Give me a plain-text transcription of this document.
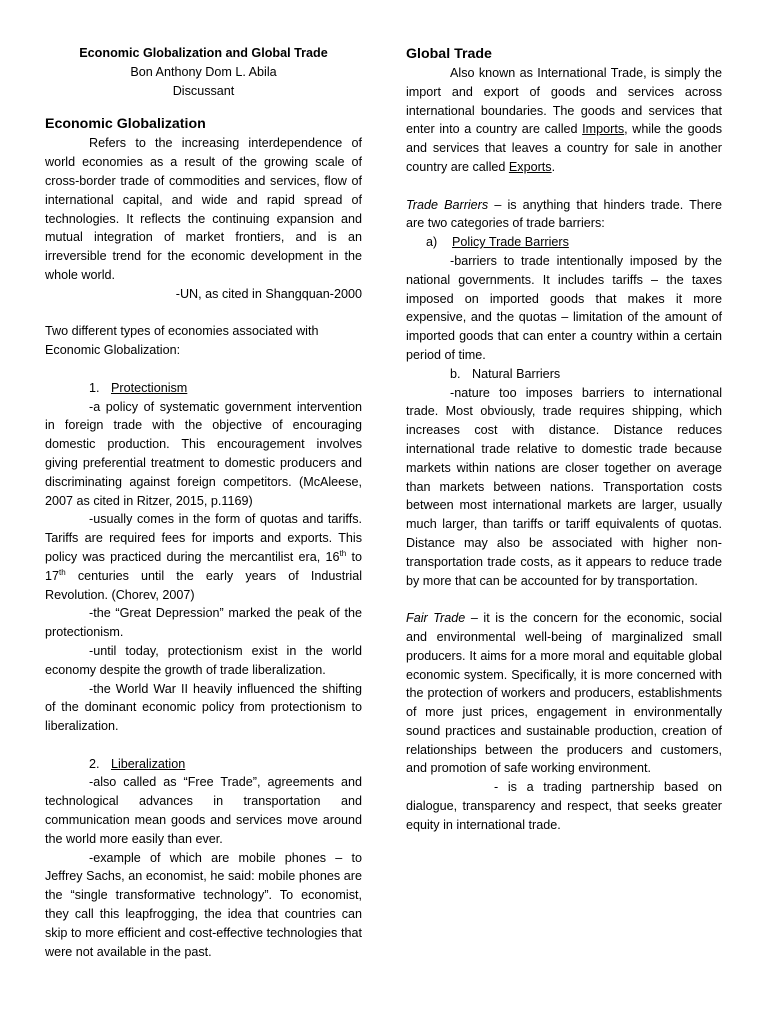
Economic Globalization and Global Trade

Bon Anthony Dom L. Abila

Discussant

Economic Globalization

Refers to the increasing interdependence of world economies as a result of the growing scale of cross-border trade of commodities and services, flow of international capital, and wide and rapid spread of technologies. It reflects the continuing expansion and mutual integration of market frontiers, and is an irreversible trend for the economic development in the whole world.

-UN, as cited in Shangquan-2000

Two different types of economies associated with Economic Globalization:

1. Protectionism

-a policy of systematic government intervention in foreign trade with the objective of encouraging domestic production. This encouragement involves giving preferential treatment to domestic producers and discriminating against foreign competitors. (McAleese, 2007 as cited in Ritzer, 2015, p.1169)

-usually comes in the form of quotas and tariffs. Tariffs are required fees for imports and exports. This policy was practiced during the mercantilist era, 16th to 17th centuries until the early years of Industrial Revolution. (Chorev, 2007)

-the “Great Depression” marked the peak of the protectionism.

-until today, protectionism exist in the world economy despite the growth of trade liberalization.

-the World War II heavily influenced the shifting of the dominant economic policy from protectionism to liberalization.

2. Liberalization

-also called as “Free Trade”, agreements and technological advances in transportation and communication mean goods and services move around the world more easily than ever.

-example of which are mobile phones – to Jeffrey Sachs, an economist, he said: mobile phones are the “single transformative technology”. To economist, they call this leapfrogging, the idea that countries can skip to more efficient and cost-effective technologies that were not available in the past.

Global Trade

Also known as International Trade, is simply the import and export of goods and services across international boundaries. The goods and services that enter into a country are called Imports, while the goods and services that leaves a country for sale in another country are called Exports.

Trade Barriers – is anything that hinders trade. There are two categories of trade barriers:

a) Policy Trade Barriers

-barriers to trade intentionally imposed by the national governments. It includes tariffs – the taxes imposed on imported goods that makes it more expensive, and the quotas – limitation of the amount of imported goods that can enter a country within a certain period of time.

b. Natural Barriers

-nature too imposes barriers to international trade. Most obviously, trade requires shipping, which increases cost with distance. Distance reduces international trade relative to domestic trade because markets within nations are closer together on average than markets between nations. Transportation costs between most international markets are larger, usually much larger, than tariffs or tariff equivalents of quotas. Distance may also be associated with higher non-transportation trade costs, as it appears to reduce trade by more that can be accounted for by transportation.

Fair Trade – it is the concern for the economic, social and environmental well-being of marginalized small producers. It aims for a more moral and equitable global economic system. Specifically, it is more concerned with the protection of workers and producers, establishments of more just prices, engagement in environmentally sound practices and sustainable production, creation of relationships between the producers and customers, and promotion of safe working environment.

- is a trading partnership based on dialogue, transparency and respect, that seeks greater equity in international trade.
